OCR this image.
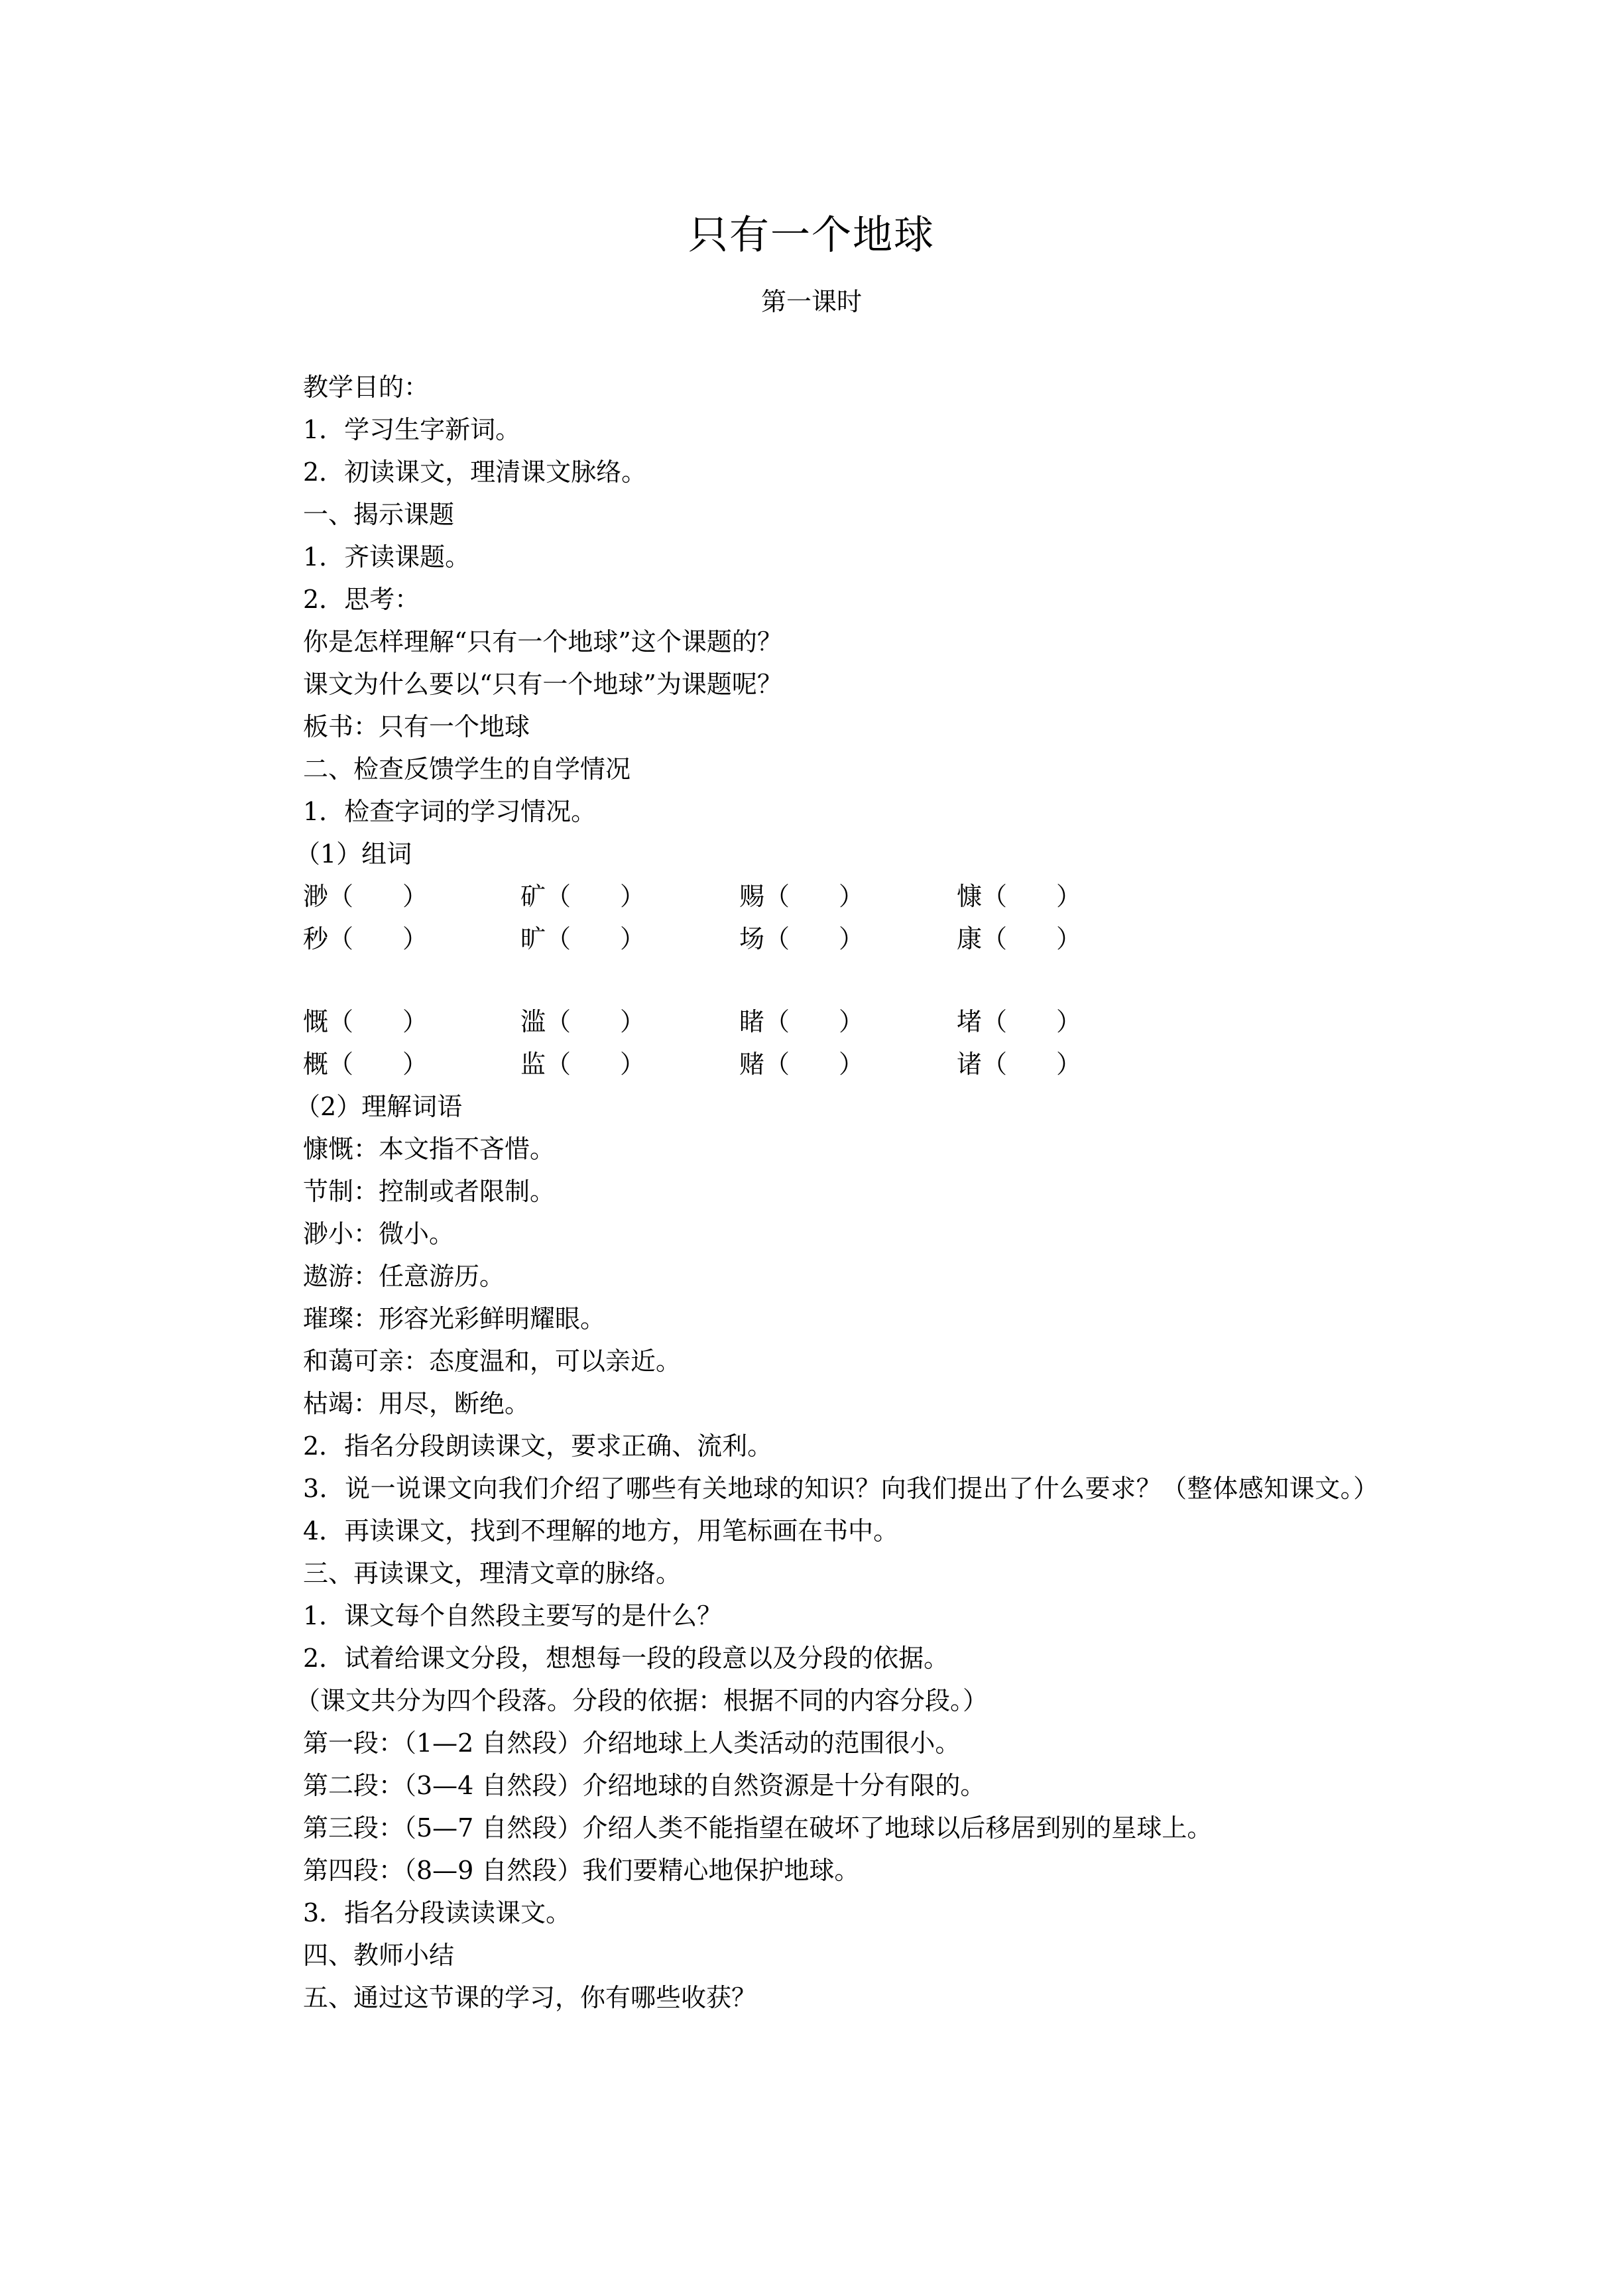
只有一个地球
第一课时
教学目的：
1．学习生字新词。
2．初读课文，理清课文脉络。
一、揭示课题
1．齐读课题。
2．思考：
你是怎样理解“只有一个地球”这个课题的？
课文为什么要以“只有一个地球”为课题呢？
板书：只有一个地球
二、检查反馈学生的自学情况
1．检查字词的学习情况。
（1）组词
渺（ ）	矿（ ）	赐（ ）	慷（ ）
秒（ ）	旷（ ）	场（ ）	康（ ）
慨（ ）	滥（ ）	睹（ ）	堵（ ）
概（ ）	监（ ）	赌（ ）	诸（ ）
（2）理解词语
慷慨：本文指不吝惜。
节制：控制或者限制。
渺小：微小。
遨游：任意游历。
璀璨：形容光彩鲜明耀眼。
和蔼可亲：态度温和，可以亲近。
枯竭：用尽，断绝。
2．指名分段朗读课文，要求正确、流利。
3．说一说课文向我们介绍了哪些有关地球的知识？向我们提出了什么要求？（整体感知课文。）
4．再读课文，找到不理解的地方，用笔标画在书中。
三、再读课文，理清文章的脉络。
1．课文每个自然段主要写的是什么？
2．试着给课文分段，想想每一段的段意以及分段的依据。
（课文共分为四个段落。分段的依据：根据不同的内容分段。）
第一段：（1—2 自然段）介绍地球上人类活动的范围很小。
第二段：（3—4 自然段）介绍地球的自然资源是十分有限的。
第三段：（5—7 自然段）介绍人类不能指望在破坏了地球以后移居到别的星球上。
第四段：（8—9 自然段）我们要精心地保护地球。
3．指名分段读读课文。
四、教师小结
五、通过这节课的学习，你有哪些收获？
